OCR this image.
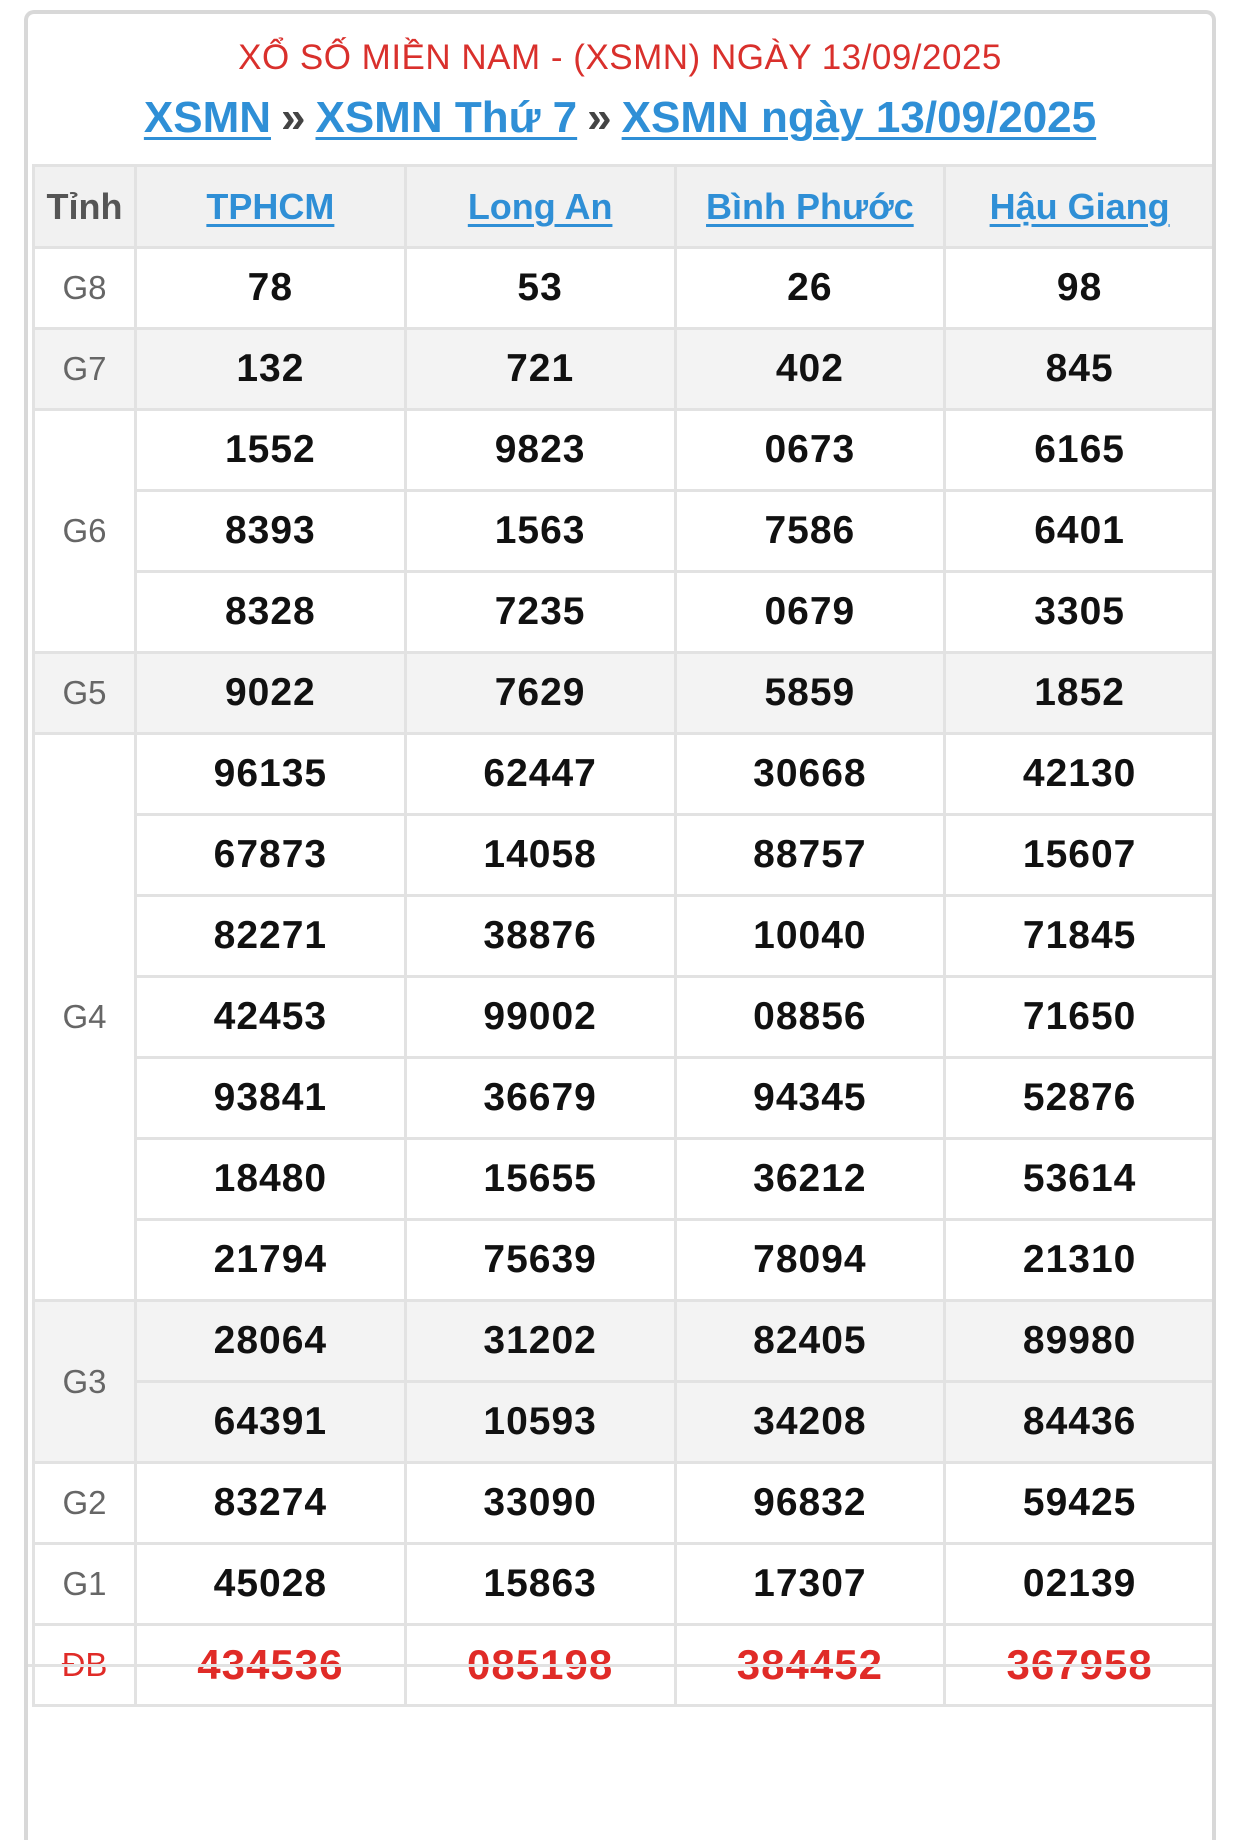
XỔ SỐ MIỀN NAM - (XSMN) NGÀY 13/09/2025
XSMN » XSMN Thứ 7 » XSMN ngày 13/09/2025
Tỉnh	TPHCM	Long An	Bình Phước	Hậu Giang
G8	78	53	26	98
G7	132	721	402	845
G6	1552	9823	0673	6165
	8393	1563	7586	6401
	8328	7235	0679	3305
G5	9022	7629	5859	1852
G4	96135	62447	30668	42130
	67873	14058	88757	15607
	82271	38876	10040	71845
	42453	99002	08856	71650
	93841	36679	94345	52876
	18480	15655	36212	53614
	21794	75639	78094	21310
G3	28064	31202	82405	89980
	64391	10593	34208	84436
G2	83274	33090	96832	59425
G1	45028	15863	17307	02139
ĐB	434536	085198	384452	367958
